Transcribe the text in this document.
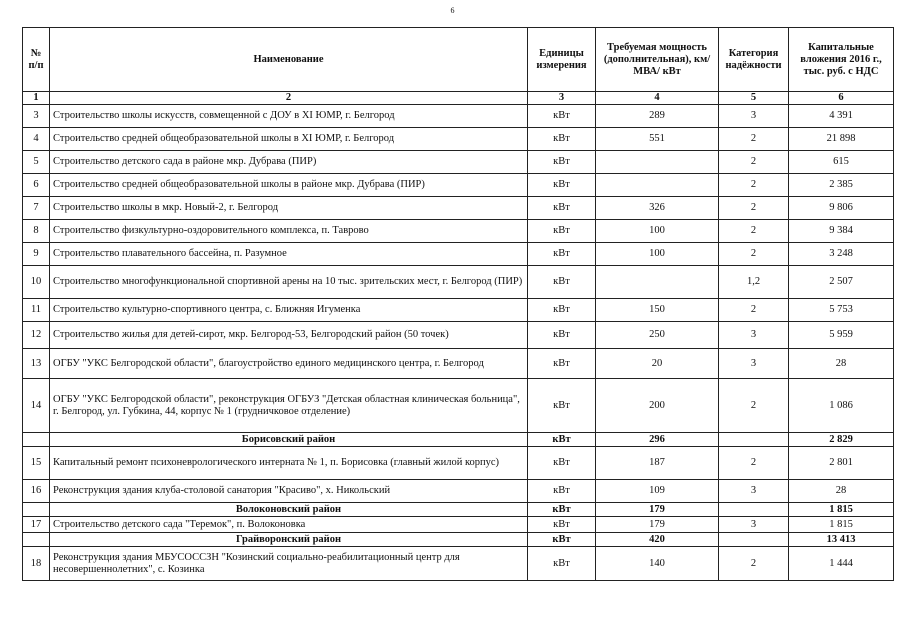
6
№ п/п	Наименование	Единицы измерения	Требуемая мощность (дополнительная), км/ МВА/ кВт	Категория надёжности	Капитальные вложения 2016 г., тыс. руб. с НДС
1	2	3	4	5	6
3	Строительство школы искусств, совмещенной с ДОУ в XI ЮМР, г. Белгород	кВт	289	3	4 391
4	Строительство средней общеобразовательной школы в XI ЮМР, г. Белгород	кВт	551	2	21 898
5	Строительство детского сада в районе мкр. Дубрава (ПИР)	кВт		2	615
6	Строительство средней общеобразовательной школы в районе мкр. Дубрава (ПИР)	кВт		2	2 385
7	Строительство школы в мкр. Новый-2, г. Белгород	кВт	326	2	9 806
8	Строительство физкультурно-оздоровительного комплекса, п. Таврово	кВт	100	2	9 384
9	Строительство плавательного бассейна, п. Разумное	кВт	100	2	3 248
10	Строительство многофункциональной спортивной арены на 10 тыс. зрительских мест, г. Белгород (ПИР)	кВт		1,2	2 507
11	Строительство культурно-спортивного центра, с. Ближняя Игуменка	кВт	150	2	5 753
12	Строительство жилья для детей-сирот, мкр. Белгород-53, Белгородский район (50 точек)	кВт	250	3	5 959
13	ОГБУ "УКС Белгородской области", благоустройство единого медицинского центра, г. Белгород	кВт	20	3	28
14	ОГБУ "УКС Белгородской области", реконструкция ОГБУЗ "Детская областная клиническая больница", г. Белгород, ул. Губкина, 44, корпус № 1 (грудничковое отделение)	кВт	200	2	1 086
	Борисовский район	кВт	296		2 829
15	Капитальный ремонт психоневрологического интерната № 1, п. Борисовка (главный жилой корпус)	кВт	187	2	2 801
16	Реконструкция здания клуба-столовой санатория "Красиво", х. Никольский	кВт	109	3	28
	Волоконовский район	кВт	179		1 815
17	Строительство детского сада "Теремок", п. Волоконовка	кВт	179	3	1 815
	Грайворонский район	кВт	420		13 413
18	Реконструкция здания МБУСОССЗН "Козинский социально-реабилитационный центр для несовершеннолетних", с. Козинка	кВт	140	2	1 444
